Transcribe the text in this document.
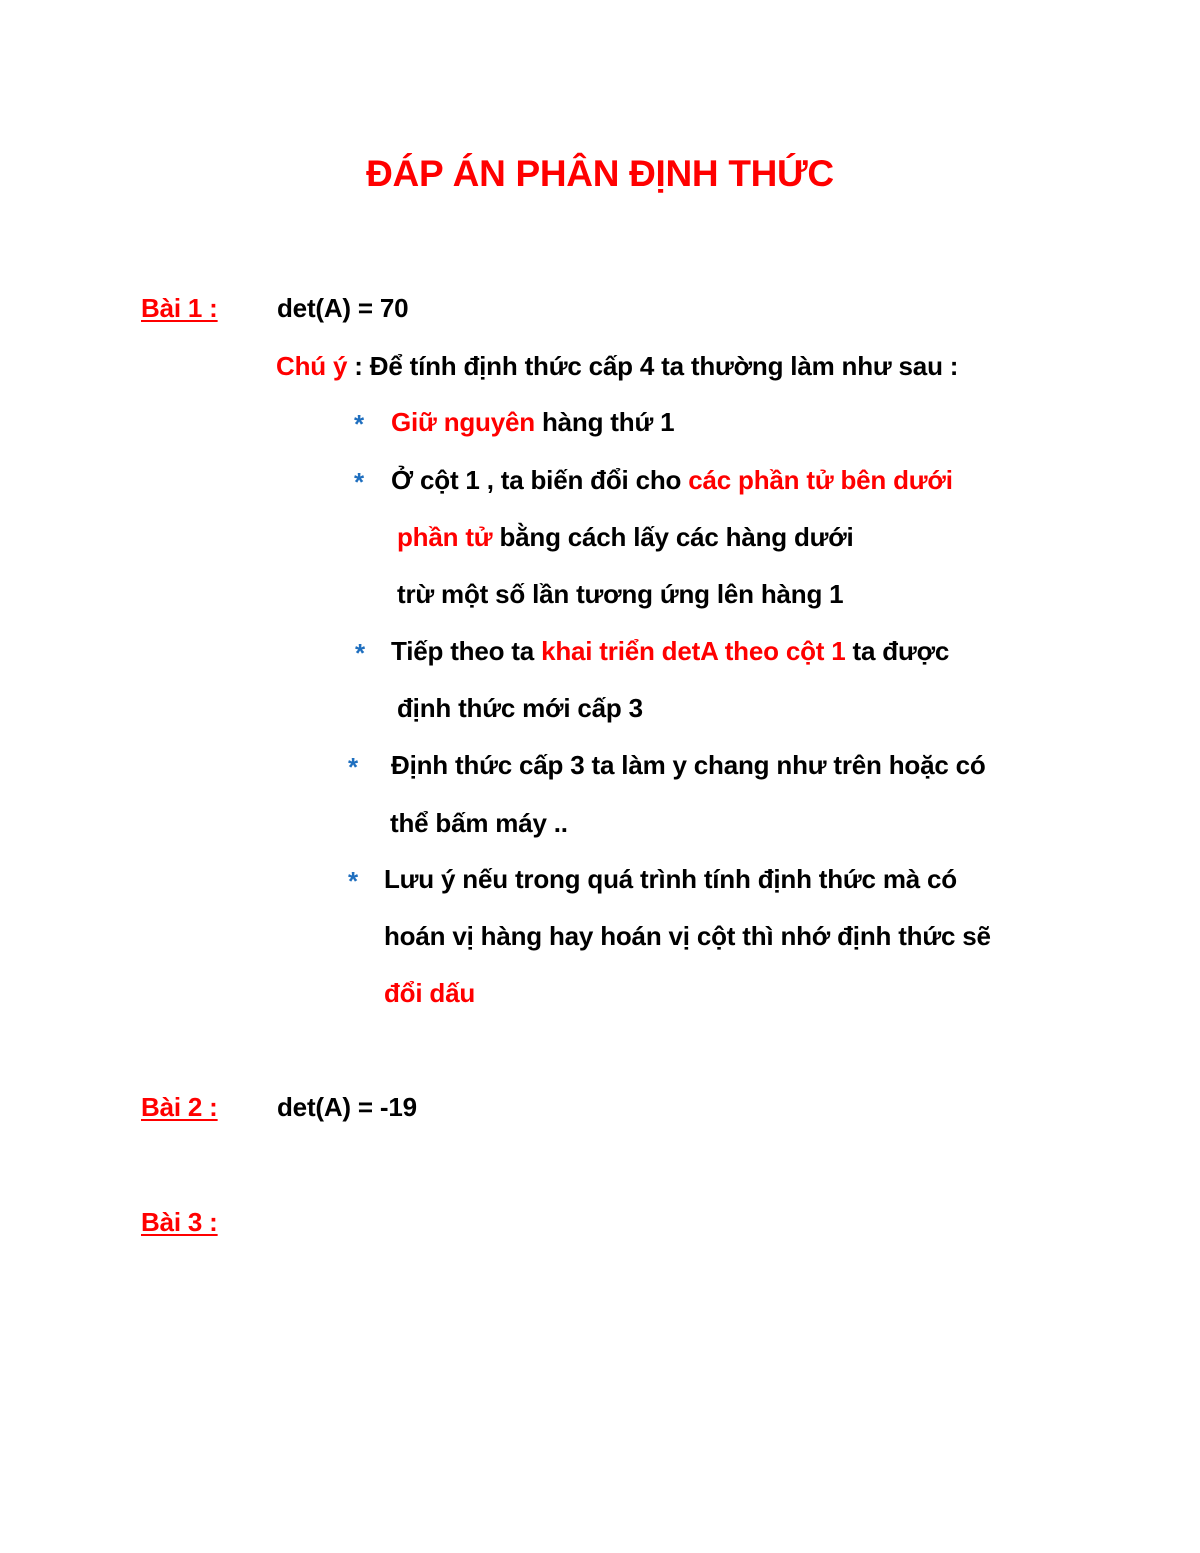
ĐÁP ÁN PHÂN ĐỊNH THỨC
Bài 1 : det(A) = 70
Chú ý : Để tính định thức cấp 4 ta thường làm như sau :
* Giữ nguyên hàng thứ 1
* Ở cột 1 , ta biến đổi cho các phần tử bên dưới
phần tử bằng cách lấy các hàng dưới
trừ một số lần tương ứng lên hàng 1
* Tiếp theo ta khai triển detA theo cột 1 ta được
định thức mới cấp 3
* Định thức cấp 3 ta làm y chang như trên hoặc có
thể bấm máy ..
* Lưu ý nếu trong quá trình tính định thức mà có
hoán vị hàng hay hoán vị cột thì nhớ định thức sẽ
đổi dấu
Bài 2 : det(A) = -19
Bài 3 :
